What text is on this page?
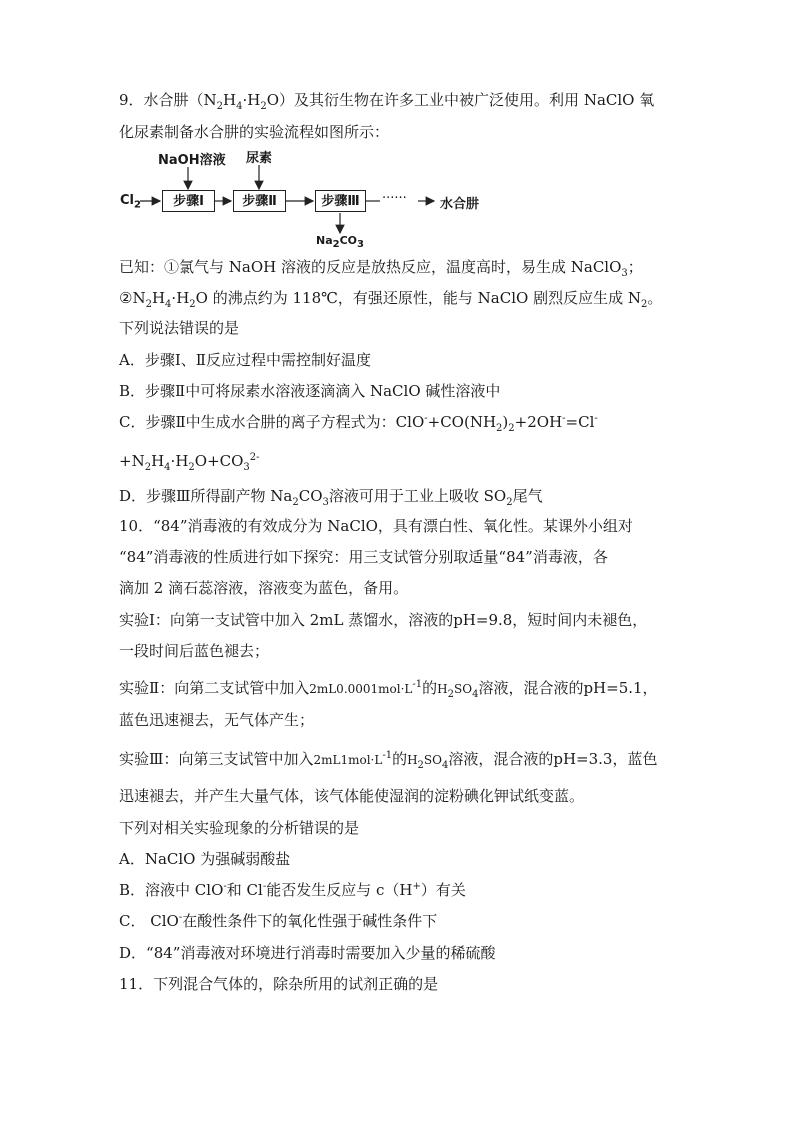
9．水合肼$(N_2H_4\cdot H_2O)$及其衍生物在许多工业中被广泛使用。利用 NaClO 氧
化尿素制备水合肼的实验流程如图所示：
NaOH溶液 尿素
$Cl_2$	步骤Ⅰ	步骤Ⅱ	步骤Ⅲ	······	水合肼
$Na_2CO_3$
已知：①氯气与 NaOH 溶液的反应是放热反应，温度高时，易生成 NaClO$_3$；
$②N_2H_4\cdot H_2O$ 的沸点约为 118℃，有强还原性，能与 NaClO 剧烈反应生成 $N_2$。
下列说法错误的是
A．步骤Ⅰ、Ⅱ反应过程中需控制好温度
B．步骤Ⅱ中可将尿素水溶液逐滴滴入 NaClO 碱性溶液中
C．步骤Ⅱ中生成水合肼的离子方程式为：$ClO^-+CO(NH_2)_2+2OH^-=Cl^-$
$+N_2H_4\cdot H_2O+CO_3^{2-}$
D．步骤Ⅲ所得副产物 $Na_2CO_3$溶液可用于工业上吸收 $SO_2$尾气
10．“84”消毒液的有效成分为 NaClO，具有漂白性、氧化性。某课外小组对
“84”消毒液的性质进行如下探究：用三支试管分别取适量“84”消毒液，各
滴加 2 滴石蕊溶液，溶液变为蓝色，备用。
实验Ⅰ：向第一支试管中加入 2mL 蒸馏水，溶液的pH=9.8，短时间内未褪色，
一段时间后蓝色褪去；
实验Ⅱ：向第二支试管中加入$2mL0.0001mol\cdot L^{-1}$的$H_2SO_4$溶液，混合液的pH=5.1，
蓝色迅速褪去，无气体产生；
实验Ⅲ：向第三支试管中加入$2mL1mol\cdot L^{-1}$的$H_2SO_4$溶液，混合液的pH=3.3，蓝色
迅速褪去，并产生大量气体，该气体能使湿润的淀粉碘化钾试纸变蓝。
下列对相关实验现象的分析错误的是
A．NaClO 为强碱弱酸盐
B．溶液中 ClO-和 Cl-能否发生反应与 c（H+）有关
C． ClO-在酸性条件下的氧化性强于碱性条件下
D．“84”消毒液对环境进行消毒时需要加入少量的稀硫酸
11．下列混合气体的，除杂所用的试剂正确的是
